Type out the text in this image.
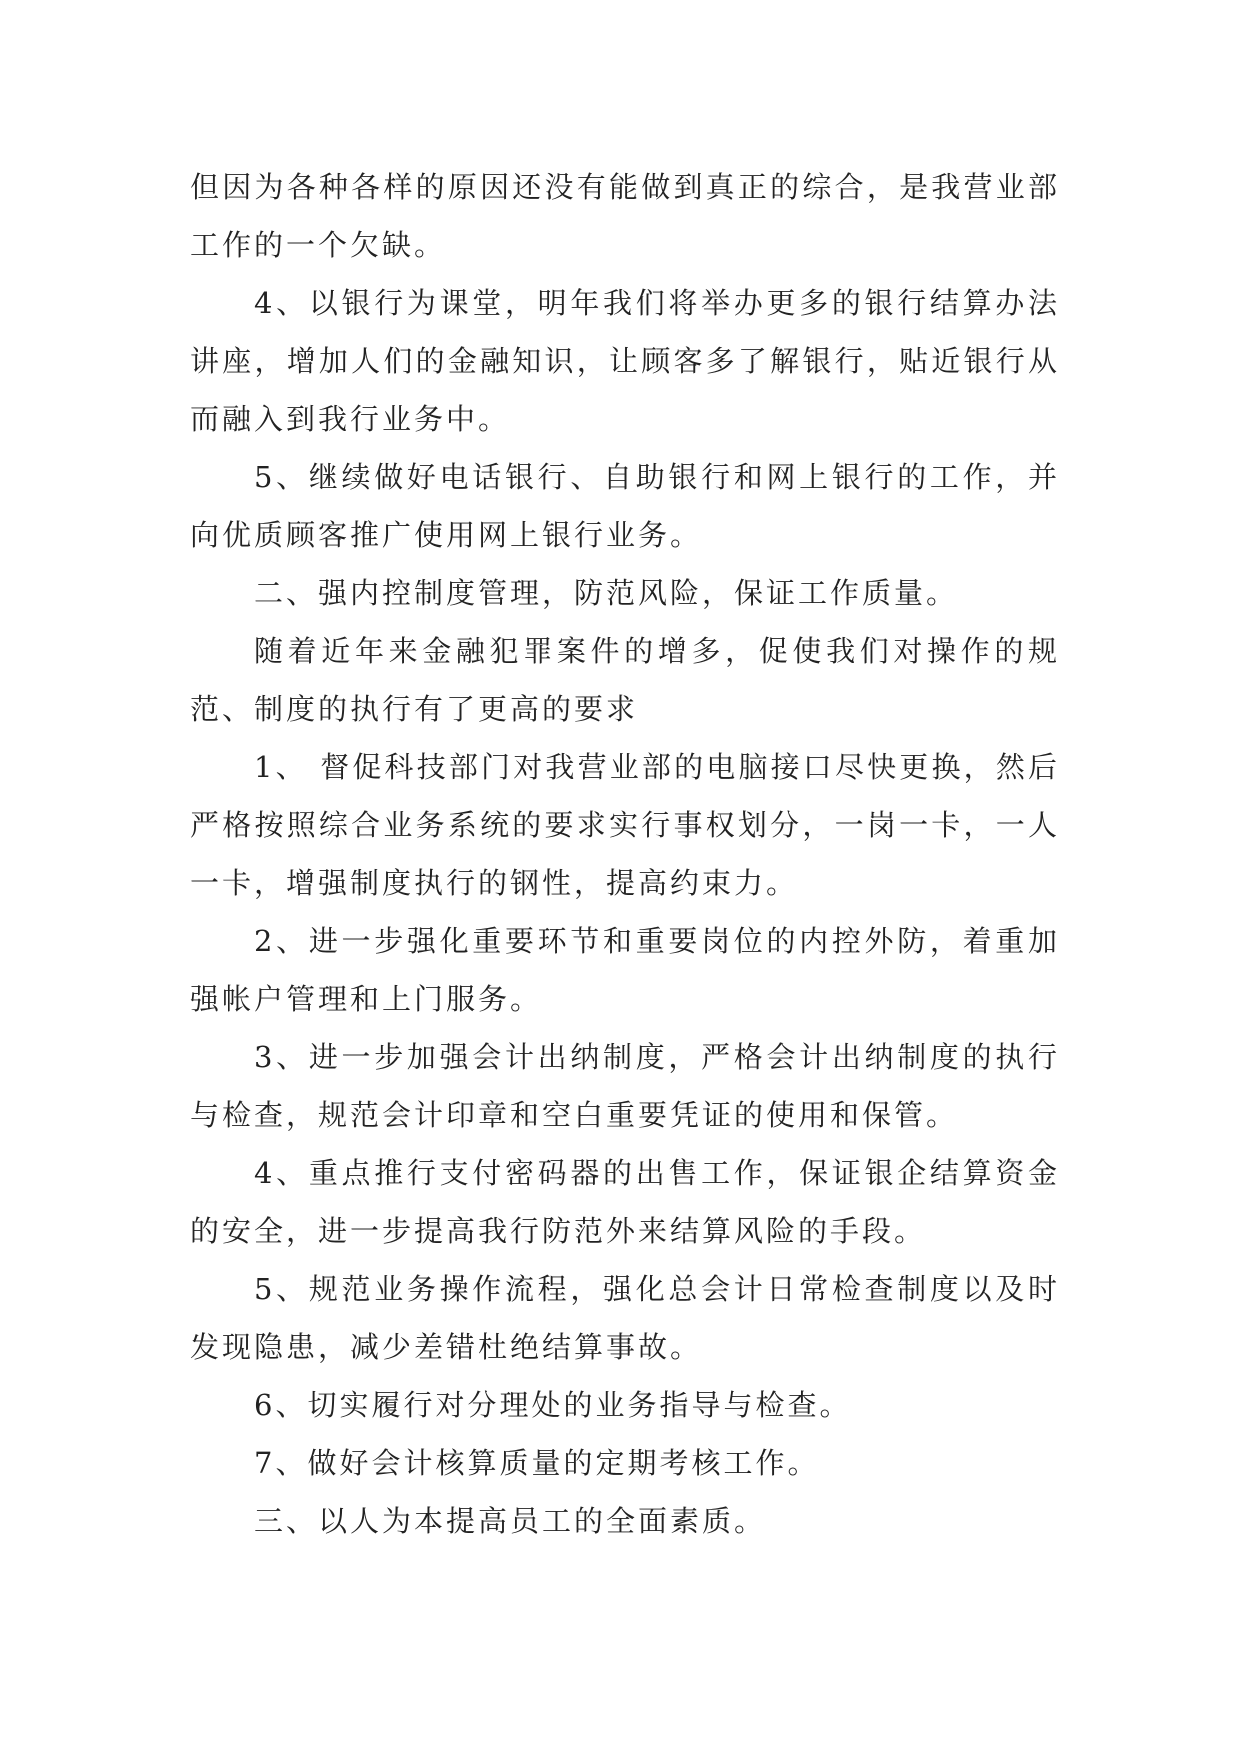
但因为各种各样的原因还没有能做到真正的综合，是我营业部工作的一个欠缺。

4、以银行为课堂，明年我们将举办更多的银行结算办法讲座，增加人们的金融知识，让顾客多了解银行，贴近银行从而融入到我行业务中。

5、继续做好电话银行、自助银行和网上银行的工作，并向优质顾客推广使用网上银行业务。

二、强内控制度管理，防范风险，保证工作质量。

随着近年来金融犯罪案件的增多，促使我们对操作的规范、制度的执行有了更高的要求

1、 督促科技部门对我营业部的电脑接口尽快更换，然后严格按照综合业务系统的要求实行事权划分，一岗一卡，一人一卡，增强制度执行的钢性，提高约束力。

2、进一步强化重要环节和重要岗位的内控外防，着重加强帐户管理和上门服务。

3、进一步加强会计出纳制度，严格会计出纳制度的执行与检查，规范会计印章和空白重要凭证的使用和保管。

4、重点推行支付密码器的出售工作，保证银企结算资金的安全，进一步提高我行防范外来结算风险的手段。

5、规范业务操作流程，强化总会计日常检查制度以及时发现隐患，减少差错杜绝结算事故。

6、切实履行对分理处的业务指导与检查。

7、做好会计核算质量的定期考核工作。

三、以人为本提高员工的全面素质。
